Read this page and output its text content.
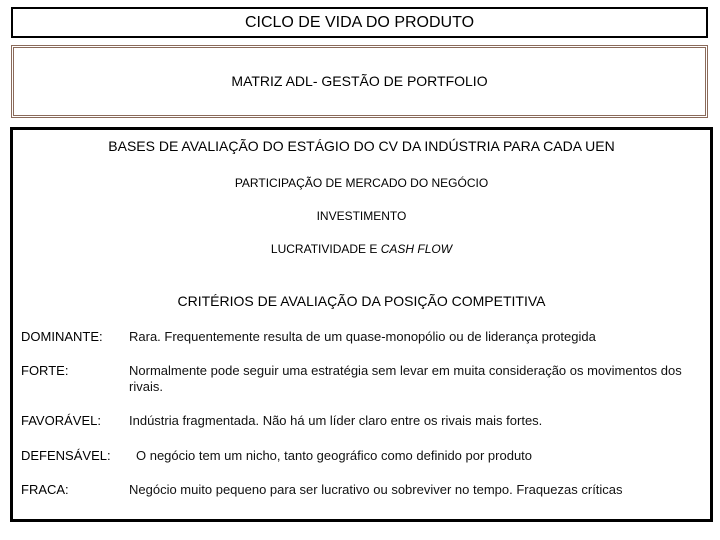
CICLO DE VIDA DO PRODUTO
MATRIZ ADL- GESTÃO DE PORTFOLIO
BASES DE AVALIAÇÃO DO ESTÁGIO DO CV DA INDÚSTRIA PARA CADA UEN
PARTICIPAÇÃO DE MERCADO DO NEGÓCIO
INVESTIMENTO
LUCRATIVIDADE E CASH FLOW
CRITÉRIOS DE AVALIAÇÃO DA POSIÇÃO COMPETITIVA
DOMINANTE: Rara. Frequentemente resulta de um quase-monopólio ou de liderança protegida
FORTE:	Normalmente pode seguir uma estratégia sem levar em muita consideração os movimentos dos rivais.
FAVORÁVEL: Indústria fragmentada. Não há um líder claro entre os rivais mais fortes.
DEFENSÁVEL: O negócio tem um nicho, tanto geográfico como definido por produto
FRACA:	Negócio muito pequeno para ser lucrativo ou sobreviver no tempo. Fraquezas críticas
